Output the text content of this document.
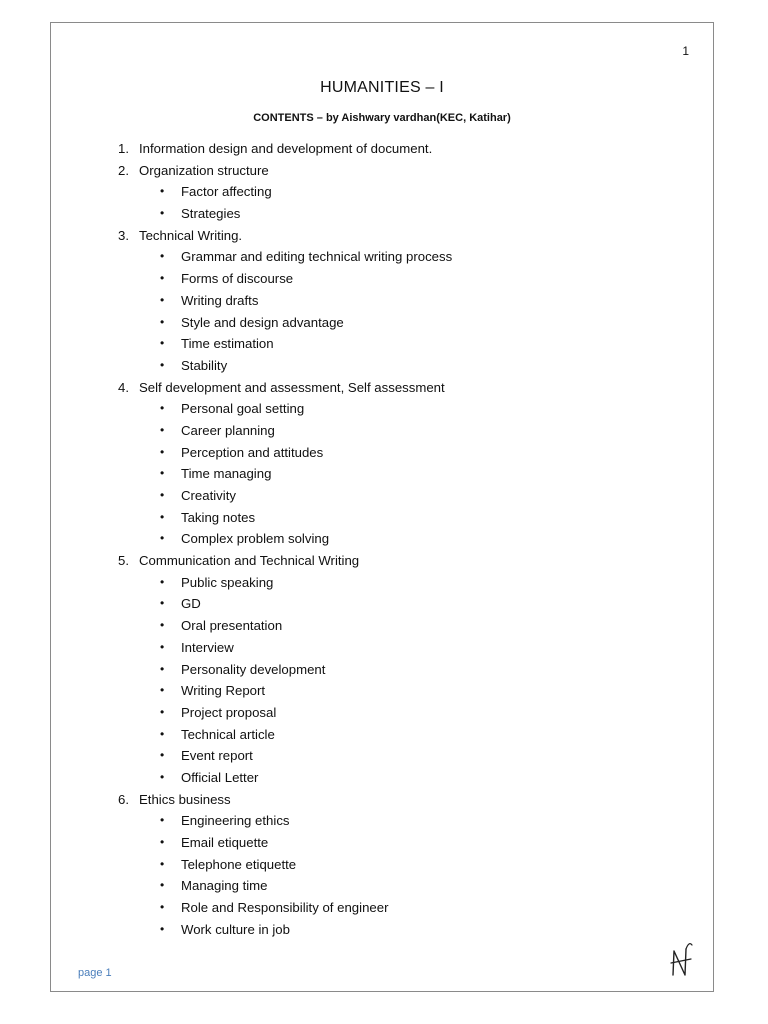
1
HUMANITIES – I
CONTENTS – by Aishwary vardhan(KEC, Katihar)
1. Information design and development of document.
2. Organization structure
• Factor affecting
• Strategies
3. Technical Writing.
• Grammar and editing technical writing process
• Forms of discourse
• Writing drafts
• Style and design advantage
• Time estimation
• Stability
4. Self development and assessment, Self assessment
• Personal goal setting
• Career planning
• Perception and attitudes
• Time managing
• Creativity
• Taking notes
• Complex problem solving
5. Communication and Technical Writing
• Public speaking
• GD
• Oral presentation
• Interview
• Personality development
• Writing Report
• Project proposal
• Technical article
• Event report
• Official Letter
6. Ethics business
• Engineering ethics
• Email etiquette
• Telephone etiquette
• Managing time
• Role and Responsibility of engineer
• Work culture in job
page 1
